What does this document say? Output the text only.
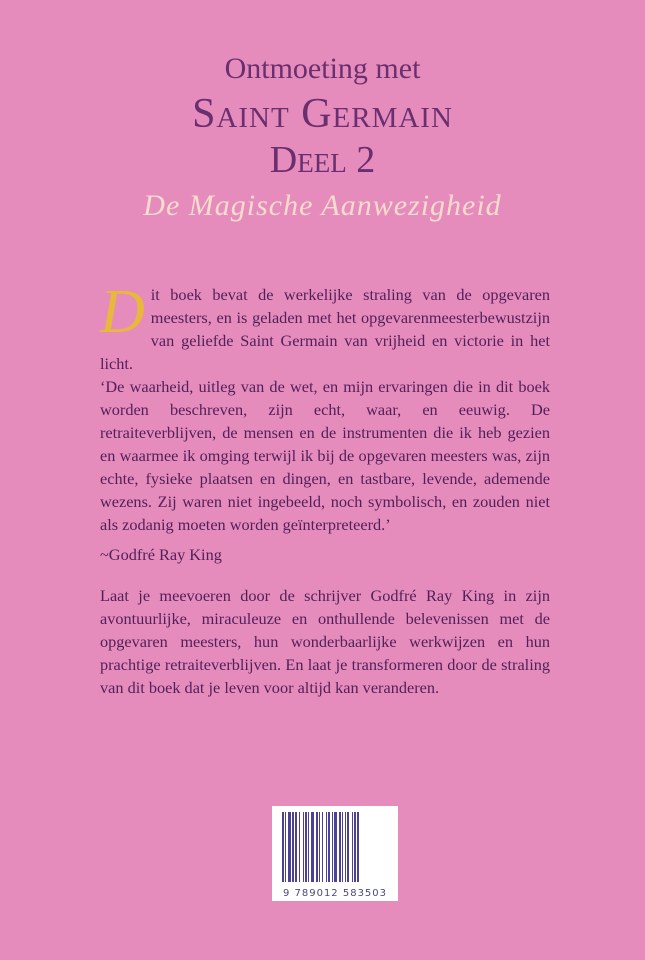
Ontmoeting met
Saint Germain
Deel 2
De Magische Aanwezigheid
Dit boek bevat de werkelijke straling van de opgevaren meesters, en is geladen met het opgevarenmeesterbewustzijn van geliefde Saint Germain van vrijheid en victorie in het licht.
‘De waarheid, uitleg van de wet, en mijn ervaringen die in dit boek worden beschreven, zijn echt, waar, en eeuwig. De retraiteverblijven, de mensen en de instrumenten die ik heb gezien en waarmee ik omging terwijl ik bij de opgevaren meesters was, zijn echte, fysieke plaatsen en dingen, en tastbare, levende, ademende wezens. Zij waren niet ingebeeld, noch symbolisch, en zouden niet als zodanig moeten worden geïnterpreteerd.’
~Godfré Ray King
Laat je meevoeren door de schrijver Godfré Ray King in zijn avontuurlijke, miraculeuze en onthullende belevenissen met de opgevaren meesters, hun wonderbaarlijke werkwijzen en hun prachtige retraiteverblijven. En laat je transformeren door de straling van dit boek dat je leven voor altijd kan veranderen.
9 789012 583503
